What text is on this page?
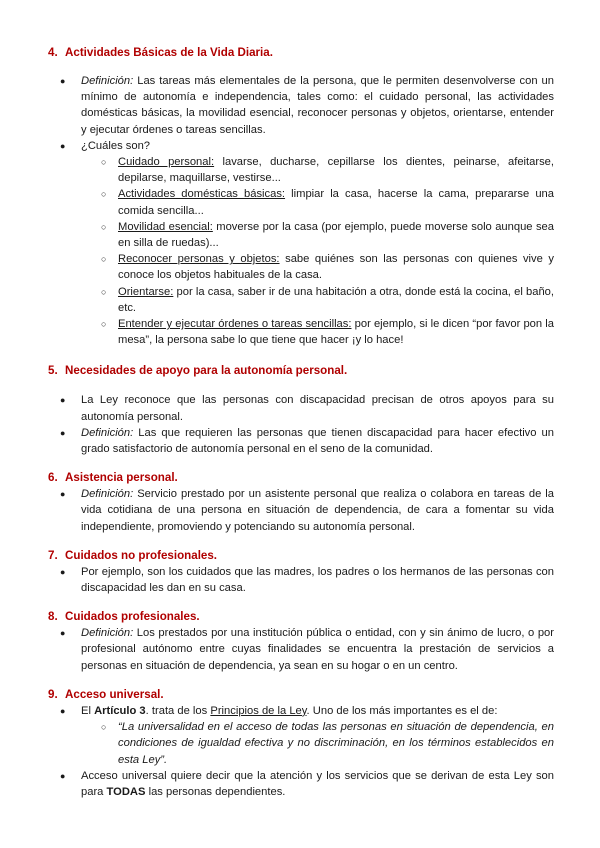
4. Actividades Básicas de la Vida Diaria.
● Definición: Las tareas más elementales de la persona, que le permiten desenvolverse con un mínimo de autonomía e independencia, tales como: el cuidado personal, las actividades domésticas básicas, la movilidad esencial, reconocer personas y objetos, orientarse, entender y ejecutar órdenes o tareas sencillas.
● ¿Cuáles son?
○ Cuidado personal: lavarse, ducharse, cepillarse los dientes, peinarse, afeitarse, depilarse, maquillarse, vestirse...
○ Actividades domésticas básicas: limpiar la casa, hacerse la cama, prepararse una comida sencilla...
○ Movilidad esencial: moverse por la casa (por ejemplo, puede moverse solo aunque sea en silla de ruedas)...
○ Reconocer personas y objetos: sabe quiénes son las personas con quienes vive y conoce los objetos habituales de la casa.
○ Orientarse: por la casa, saber ir de una habitación a otra, donde está la cocina, el baño, etc.
○ Entender y ejecutar órdenes o tareas sencillas: por ejemplo, si le dicen “por favor pon la mesa”, la persona sabe lo que tiene que hacer ¡y lo hace!
5. Necesidades de apoyo para la autonomía personal.
● La Ley reconoce que las personas con discapacidad precisan de otros apoyos para su autonomía personal.
● Definición: Las que requieren las personas que tienen discapacidad para hacer efectivo un grado satisfactorio de autonomía personal en el seno de la comunidad.
6. Asistencia personal.
● Definición: Servicio prestado por un asistente personal que realiza o colabora en tareas de la vida cotidiana de una persona en situación de dependencia, de cara a fomentar su vida independiente, promoviendo y potenciando su autonomía personal.
7. Cuidados no profesionales.
● Por ejemplo, son los cuidados que las madres, los padres o los hermanos de las personas con discapacidad les dan en su casa.
8. Cuidados profesionales.
● Definición: Los prestados por una institución pública o entidad, con y sin ánimo de lucro, o por profesional autónomo entre cuyas finalidades se encuentra la prestación de servicios a personas en situación de dependencia, ya sean en su hogar o en un centro.
9. Acceso universal.
● El Artículo 3. trata de los Principios de la Ley. Uno de los más importantes es el de:
○ “La universalidad en el acceso de todas las personas en situación de dependencia, en condiciones de igualdad efectiva y no discriminación, en los términos establecidos en esta Ley”.
● Acceso universal quiere decir que la atención y los servicios que se derivan de esta Ley son para TODAS las personas dependientes.
